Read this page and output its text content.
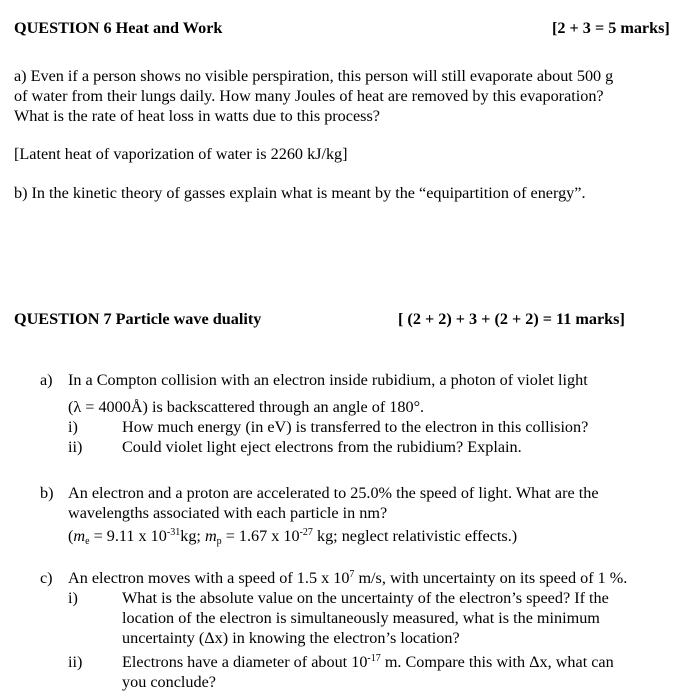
QUESTION 6 Heat and Work	[2 + 3 = 5 marks]
a) Even if a person shows no visible perspiration, this person will still evaporate about 500 g
of water from their lungs daily. How many Joules of heat are removed by this evaporation?
What is the rate of heat loss in watts due to this process?
[Latent heat of vaporization of water is 2260 kJ/kg]
b) In the kinetic theory of gasses explain what is meant by the “equipartition of energy”.
QUESTION 7 Particle wave duality	[ (2 + 2) + 3 + (2 + 2) = 11 marks]
a) In a Compton collision with an electron inside rubidium, a photon of violet light
(λ = 4000Å) is backscattered through an angle of 180°.
i)	How much energy (in eV) is transferred to the electron in this collision?
ii) Could violet light eject electrons from the rubidium? Explain.
b) An electron and a proton are accelerated to 25.0% the speed of light. What are the
wavelengths associated with each particle in nm?
($m_e = 9.11$ x $10^{-31}kg$; $m_p = 1.67$ x $10^{-27}$ kg; neglect relativistic effects.)
c) An electron moves with a speed of 1.5 x $10^7$ m/s, with uncertainty on its speed of 1 %.
i)	What is the absolute value on the uncertainty of the electron’s speed? If the
location of the electron is simultaneously measured, what is the minimum
uncertainty (Δx) in knowing the electron’s location?
ii) Electrons have a diameter of about $10^{-17}$ m. Compare this with Δx, what can
you conclude?
